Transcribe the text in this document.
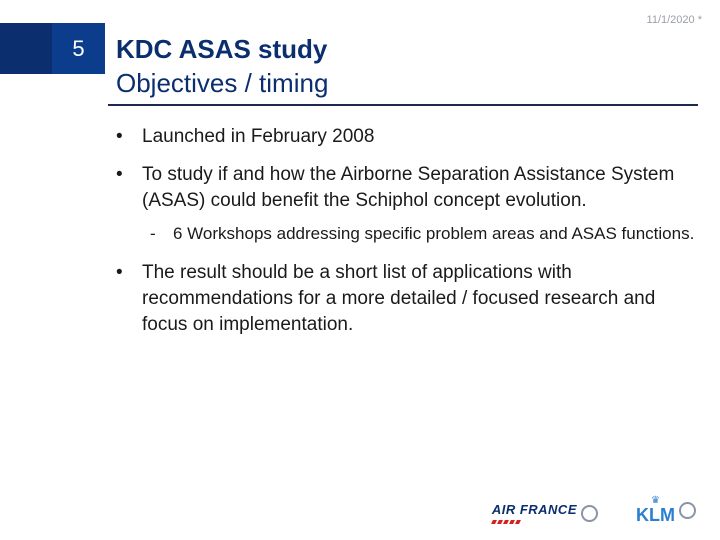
11/1/2020 *
5	KDC ASAS study
Objectives / timing
• Launched in February 2008
• To study if and how the Airborne Separation Assistance System (ASAS) could benefit the Schiphol concept evolution.
- 6 Workshops addressing specific problem areas and ASAS functions.
• The result should be a short list of applications with recommendations for a more detailed / focused research and focus on implementation.
AIR FRANCE
♛
KLM
